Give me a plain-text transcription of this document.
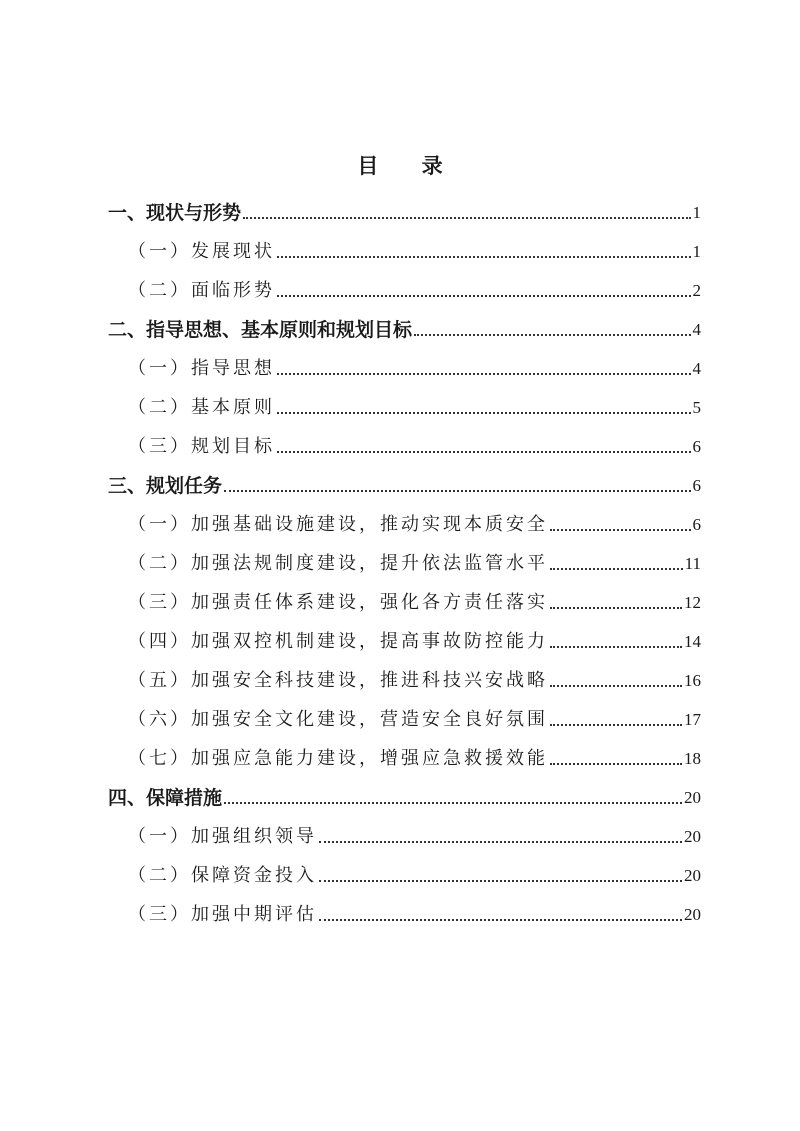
目 录
一、现状与形势	1
（一）发展现状	1
（二）面临形势	2
二、指导思想、基本原则和规划目标	4
（一）指导思想	4
（二）基本原则	5
（三）规划目标	6
三、规划任务	6
（一）加强基础设施建设，推动实现本质安全	6
（二）加强法规制度建设，提升依法监管水平	11
（三）加强责任体系建设，强化各方责任落实	12
（四）加强双控机制建设，提高事故防控能力	14
（五）加强安全科技建设，推进科技兴安战略	16
（六）加强安全文化建设，营造安全良好氛围	17
（七）加强应急能力建设，增强应急救援效能	18
四、保障措施	20
（一）加强组织领导	20
（二）保障资金投入	20
（三）加强中期评估	20
